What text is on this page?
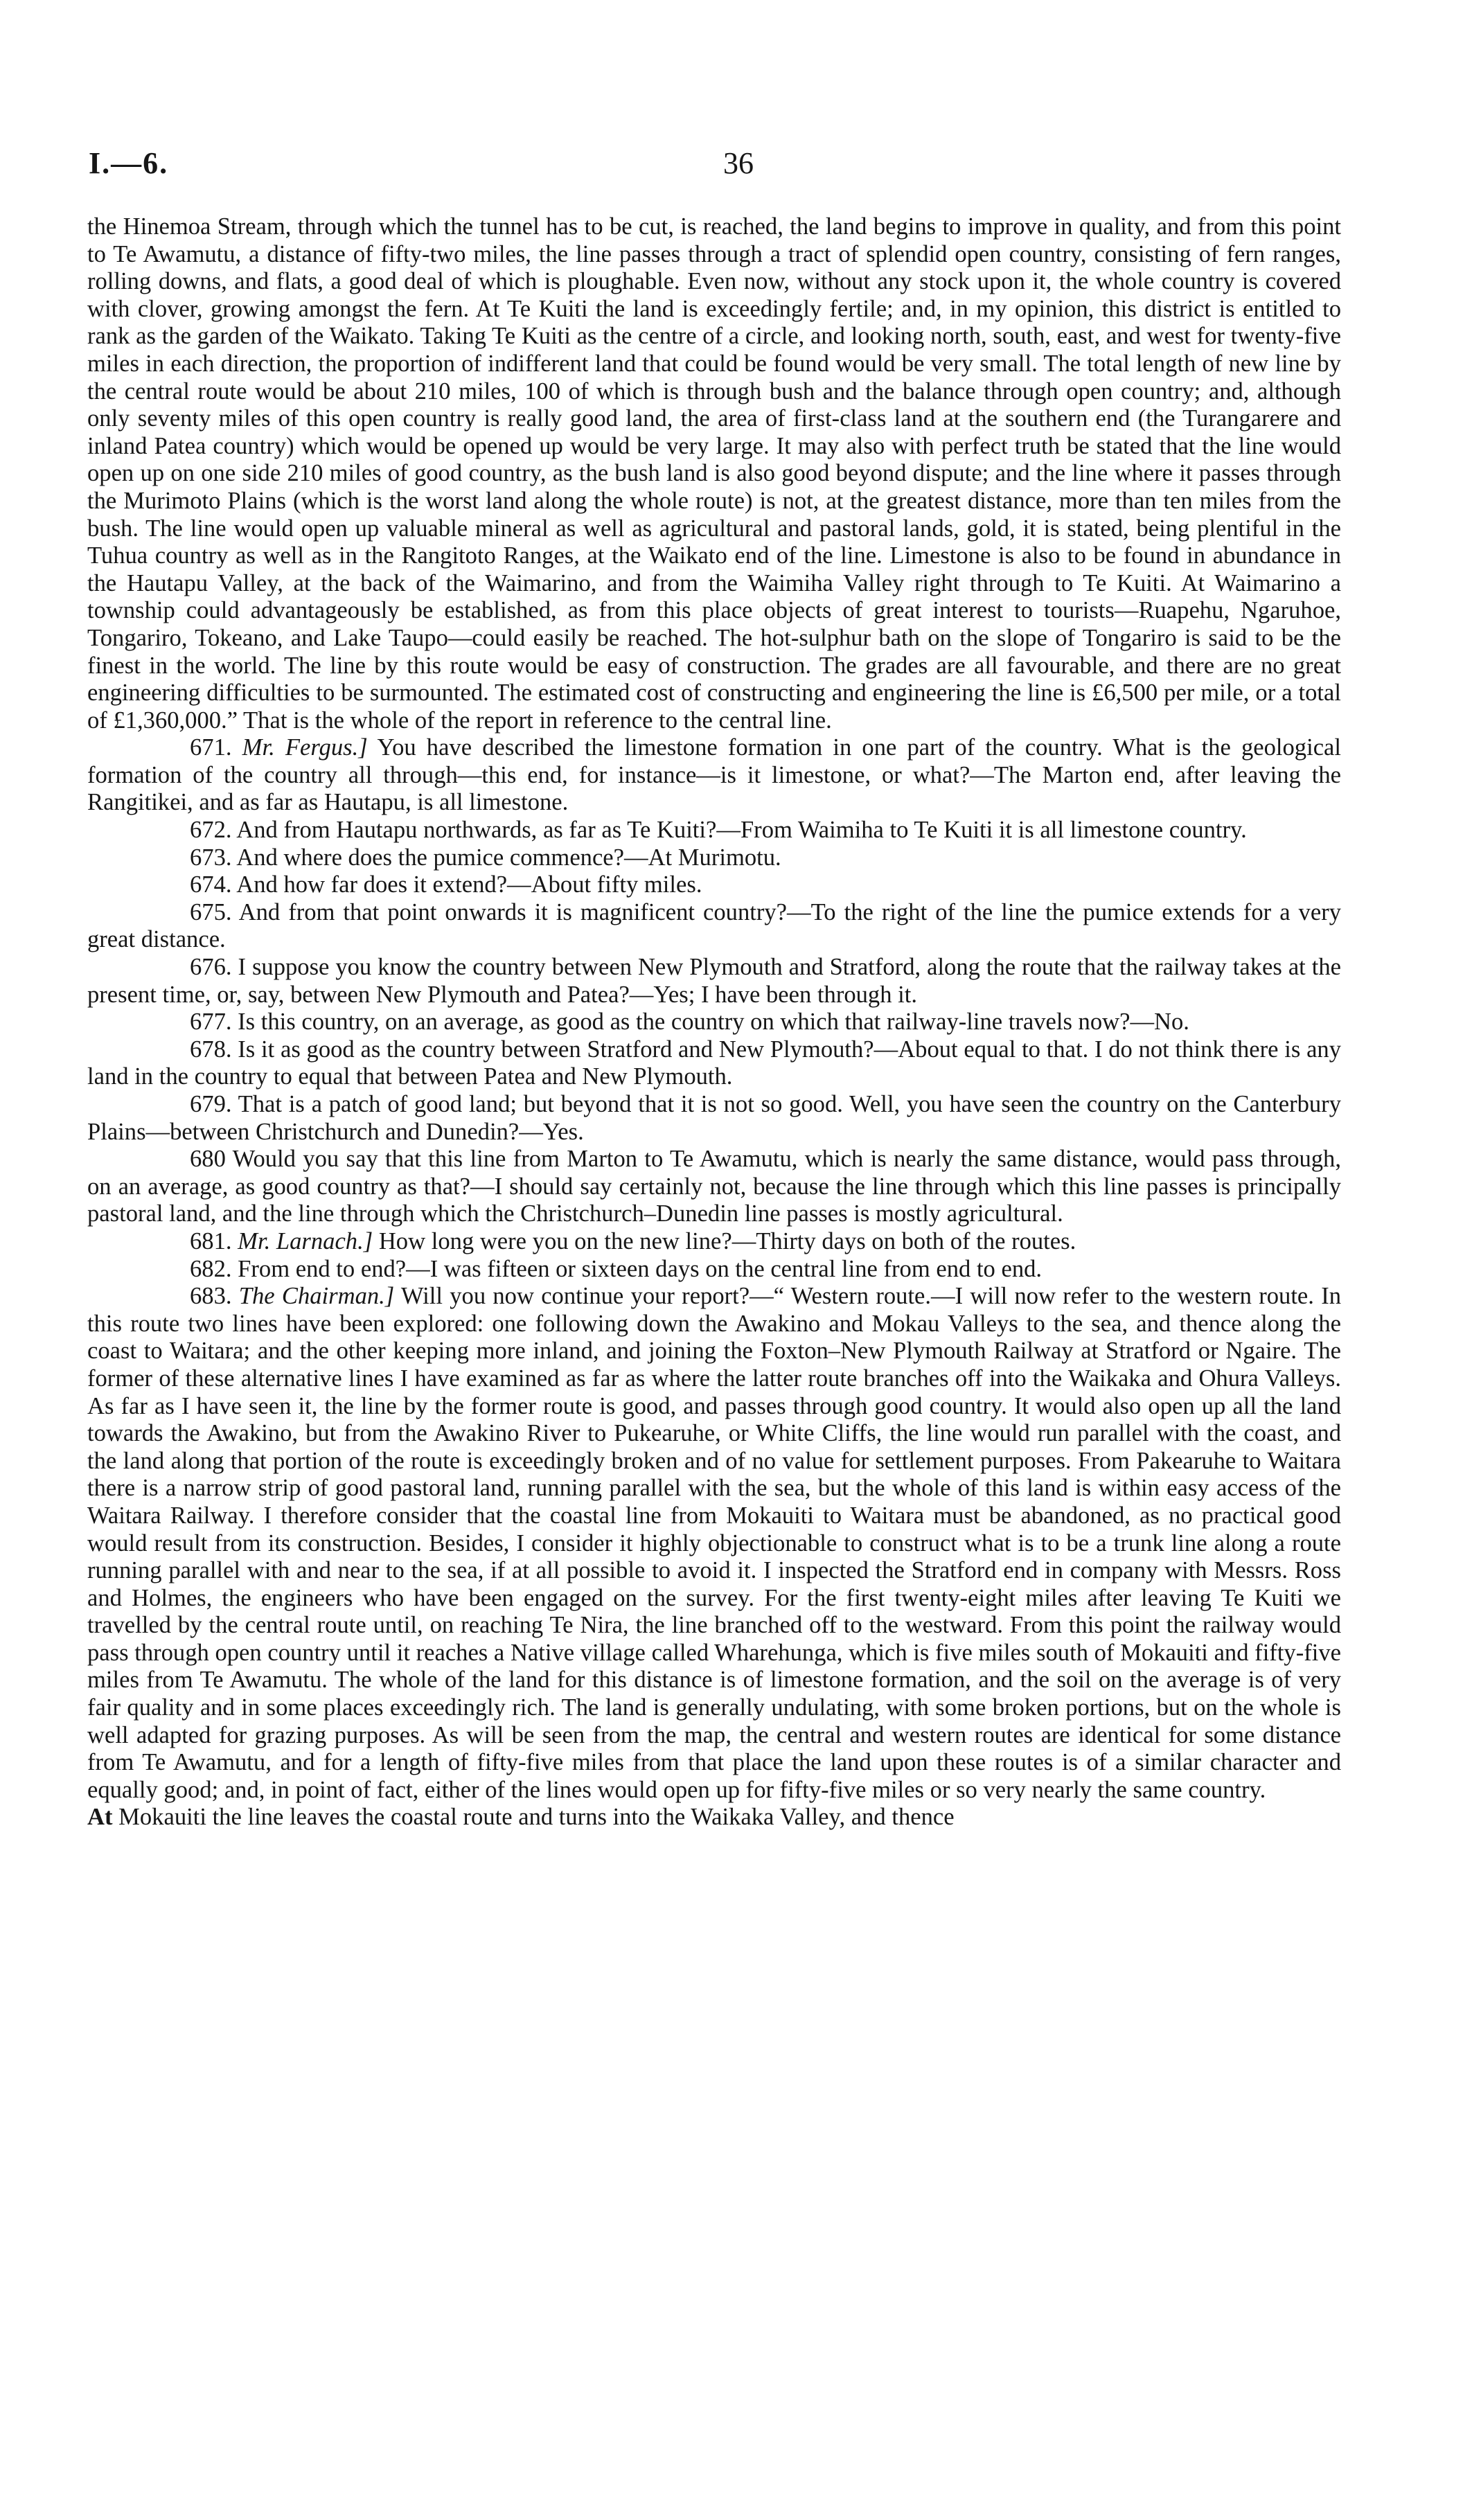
I.—6.	36

the Hinemoa Stream, through which the tunnel has to be cut, is reached, the land begins to improve in quality, and from this point to Te Awamutu, a distance of fifty-two miles, the line passes through a tract of splendid open country, consisting of fern ranges, rolling downs, and flats, a good deal of which is ploughable. Even now, without any stock upon it, the whole country is covered with clover, growing amongst the fern. At Te Kuiti the land is exceedingly fertile; and, in my opinion, this district is entitled to rank as the garden of the Waikato. Taking Te Kuiti as the centre of a circle, and looking north, south, east, and west for twenty-five miles in each direction, the proportion of indifferent land that could be found would be very small. The total length of new line by the central route would be about 210 miles, 100 of which is through bush and the balance through open country; and, although only seventy miles of this open country is really good land, the area of first-class land at the southern end (the Turangarere and inland Patea country) which would be opened up would be very large. It may also with perfect truth be stated that the line would open up on one side 210 miles of good country, as the bush land is also good beyond dispute; and the line where it passes through the Murimoto Plains (which is the worst land along the whole route) is not, at the greatest distance, more than ten miles from the bush. The line would open up valuable mineral as well as agricultural and pastoral lands, gold, it is stated, being plentiful in the Tuhua country as well as in the Rangitoto Ranges, at the Waikato end of the line. Limestone is also to be found in abundance in the Hautapu Valley, at the back of the Waimarino, and from the Waimiha Valley right through to Te Kuiti. At Waimarino a township could advantageously be established, as from this place objects of great interest to tourists—Ruapehu, Ngaruhoe, Tongariro, Tokeano, and Lake Taupo—could easily be reached. The hot-sulphur bath on the slope of Tongariro is said to be the finest in the world. The line by this route would be easy of construction. The grades are all favourable, and there are no great engineering difficulties to be surmounted. The estimated cost of constructing and engineering the line is £6,500 per mile, or a total of £1,360,000.” That is the whole of the report in reference to the central line.

671. Mr. Fergus.] You have described the limestone formation in one part of the country. What is the geological formation of the country all through—this end, for instance—is it limestone, or what?—The Marton end, after leaving the Rangitikei, and as far as Hautapu, is all limestone.

672. And from Hautapu northwards, as far as Te Kuiti?—From Waimiha to Te Kuiti it is all limestone country.

673. And where does the pumice commence?—At Murimotu.

674. And how far does it extend?—About fifty miles.

675. And from that point onwards it is magnificent country?—To the right of the line the pumice extends for a very great distance.

676. I suppose you know the country between New Plymouth and Stratford, along the route that the railway takes at the present time, or, say, between New Plymouth and Patea?—Yes; I have been through it.

677. Is this country, on an average, as good as the country on which that railway-line travels now?—No.

678. Is it as good as the country between Stratford and New Plymouth?—About equal to that. I do not think there is any land in the country to equal that between Patea and New Plymouth.

679. That is a patch of good land; but beyond that it is not so good. Well, you have seen the country on the Canterbury Plains—between Christchurch and Dunedin?—Yes.

680 Would you say that this line from Marton to Te Awamutu, which is nearly the same distance, would pass through, on an average, as good country as that?—I should say certainly not, because the line through which this line passes is principally pastoral land, and the line through which the Christchurch–Dunedin line passes is mostly agricultural.

681. Mr. Larnach.] How long were you on the new line?—Thirty days on both of the routes.

682. From end to end?—I was fifteen or sixteen days on the central line from end to end.

683. The Chairman.] Will you now continue your report?—“ Western route.—I will now refer to the western route. In this route two lines have been explored: one following down the Awakino and Mokau Valleys to the sea, and thence along the coast to Waitara; and the other keeping more inland, and joining the Foxton–New Plymouth Railway at Stratford or Ngaire. The former of these alternative lines I have examined as far as where the latter route branches off into the Waikaka and Ohura Valleys. As far as I have seen it, the line by the former route is good, and passes through good country. It would also open up all the land towards the Awakino, but from the Awakino River to Pukearuhe, or White Cliffs, the line would run parallel with the coast, and the land along that portion of the route is exceedingly broken and of no value for settlement purposes. From Pakearuhe to Waitara there is a narrow strip of good pastoral land, running parallel with the sea, but the whole of this land is within easy access of the Waitara Railway. I therefore consider that the coastal line from Mokauiti to Waitara must be abandoned, as no practical good would result from its construction. Besides, I consider it highly objectionable to construct what is to be a trunk line along a route running parallel with and near to the sea, if at all possible to avoid it. I inspected the Stratford end in company with Messrs. Ross and Holmes, the engineers who have been engaged on the survey. For the first twenty-eight miles after leaving Te Kuiti we travelled by the central route until, on reaching Te Nira, the line branched off to the westward. From this point the railway would pass through open country until it reaches a Native village called Wharehunga, which is five miles south of Mokauiti and fifty-five miles from Te Awamutu. The whole of the land for this distance is of limestone formation, and the soil on the average is of very fair quality and in some places exceedingly rich. The land is generally undulating, with some broken portions, but on the whole is well adapted for grazing purposes. As will be seen from the map, the central and western routes are identical for some distance from Te Awamutu, and for a length of fifty-five miles from that place the land upon these routes is of a similar character and equally good; and, in point of fact, either of the lines would open up for fifty-five miles or so very nearly the same country.

At Mokauiti the line leaves the coastal route and turns into the Waikaka Valley, and thence
